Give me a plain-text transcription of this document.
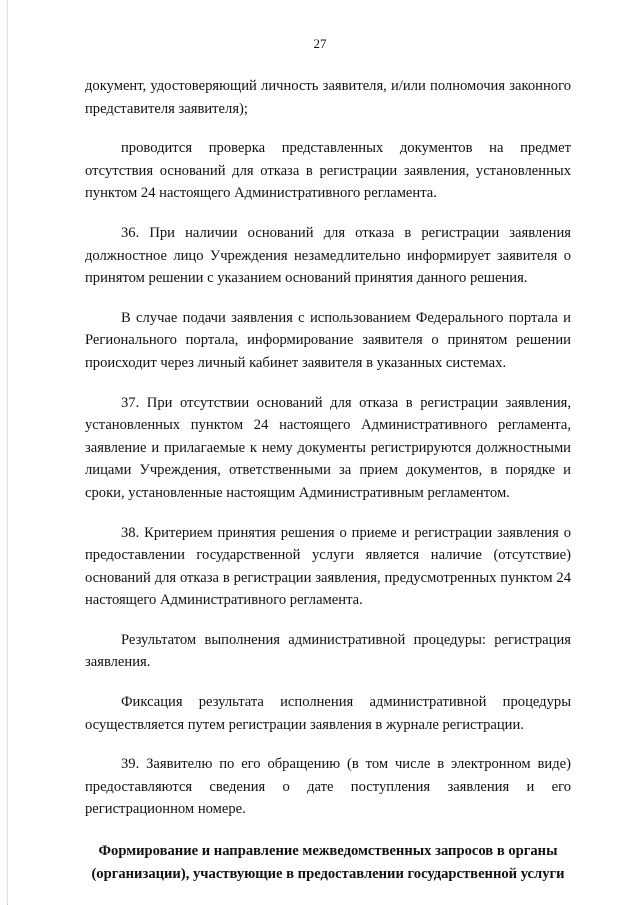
27

документ, удостоверяющий личность заявителя, и/или полномочия законного представителя заявителя);

проводится проверка представленных документов на предмет отсутствия оснований для отказа в регистрации заявления, установленных пунктом 24 настоящего Административного регламента.

36. При наличии оснований для отказа в регистрации заявления должностное лицо Учреждения незамедлительно информирует заявителя о принятом решении с указанием оснований принятия данного решения.

В случае подачи заявления с использованием Федерального портала и Регионального портала, информирование заявителя о принятом решении происходит через личный кабинет заявителя в указанных системах.

37. При отсутствии оснований для отказа в регистрации заявления, установленных пунктом 24 настоящего Административного регламента, заявление и прилагаемые к нему документы регистрируются должностными лицами Учреждения, ответственными за прием документов, в порядке и сроки, установленные настоящим Административным регламентом.

38. Критерием принятия решения о приеме и регистрации заявления о предоставлении государственной услуги является наличие (отсутствие) оснований для отказа в регистрации заявления, предусмотренных пунктом 24 настоящего Административного регламента.

Результатом выполнения административной процедуры: регистрация заявления.

Фиксация результата исполнения административной процедуры осуществляется путем регистрации заявления в журнале регистрации.

39. Заявителю по его обращению (в том числе в электронном виде) предоставляются сведения о дате поступления заявления и его регистрационном номере.

Формирование и направление межведомственных запросов в органы (организации), участвующие в предоставлении государственной услуги
